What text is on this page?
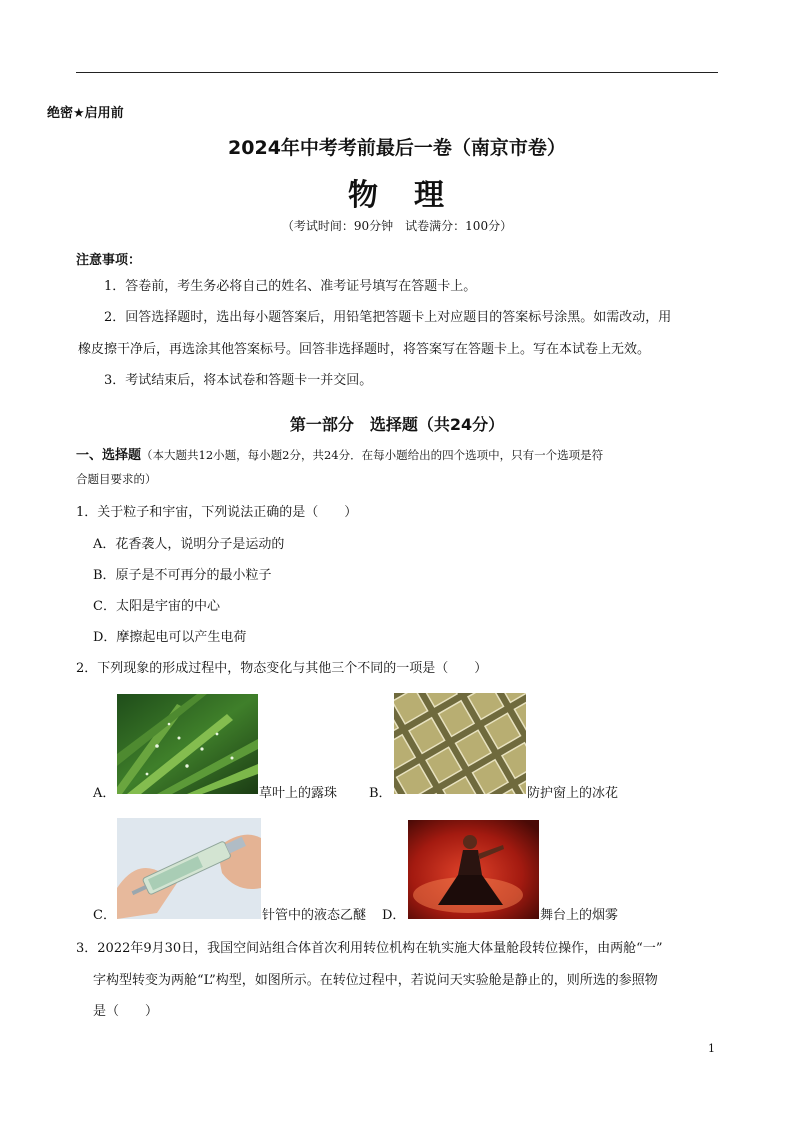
绝密★启用前
2024年中考考前最后一卷（南京市卷）
物 理
（考试时间：90分钟　试卷满分：100分）
注意事项：
1．答卷前，考生务必将自己的姓名、准考证号填写在答题卡上。
2．回答选择题时，选出每小题答案后，用铅笔把答题卡上对应题目的答案标号涂黑。如需改动，用
橡皮擦干净后，再选涂其他答案标号。回答非选择题时，将答案写在答题卡上。写在本试卷上无效。
3．考试结束后，将本试卷和答题卡一并交回。
第一部分　选择题（共24分）
一、选择题（本大题共12小题，每小题2分，共24分．在每小题给出的四个选项中，只有一个选项是符
合题目要求的）
1．关于粒子和宇宙，下列说法正确的是（　　）
A．花香袭人，说明分子是运动的
B．原子是不可再分的最小粒子
C．太阳是宇宙的中心
D．摩擦起电可以产生电荷
2．下列现象的形成过程中，物态变化与其他三个不同的一项是（　　）
A．	草叶上的露珠 B．	防护窗上的冰花
C．	针管中的液态乙醚 D．	舞台上的烟雾
3．2022年9月30日，我国空间站组合体首次利用转位机构在轨实施大体量舱段转位操作，由两舱“一”
字构型转变为两舱“L”构型，如图所示。在转位过程中，若说问天实验舱是静止的，则所选的参照物
是（　　）
1
